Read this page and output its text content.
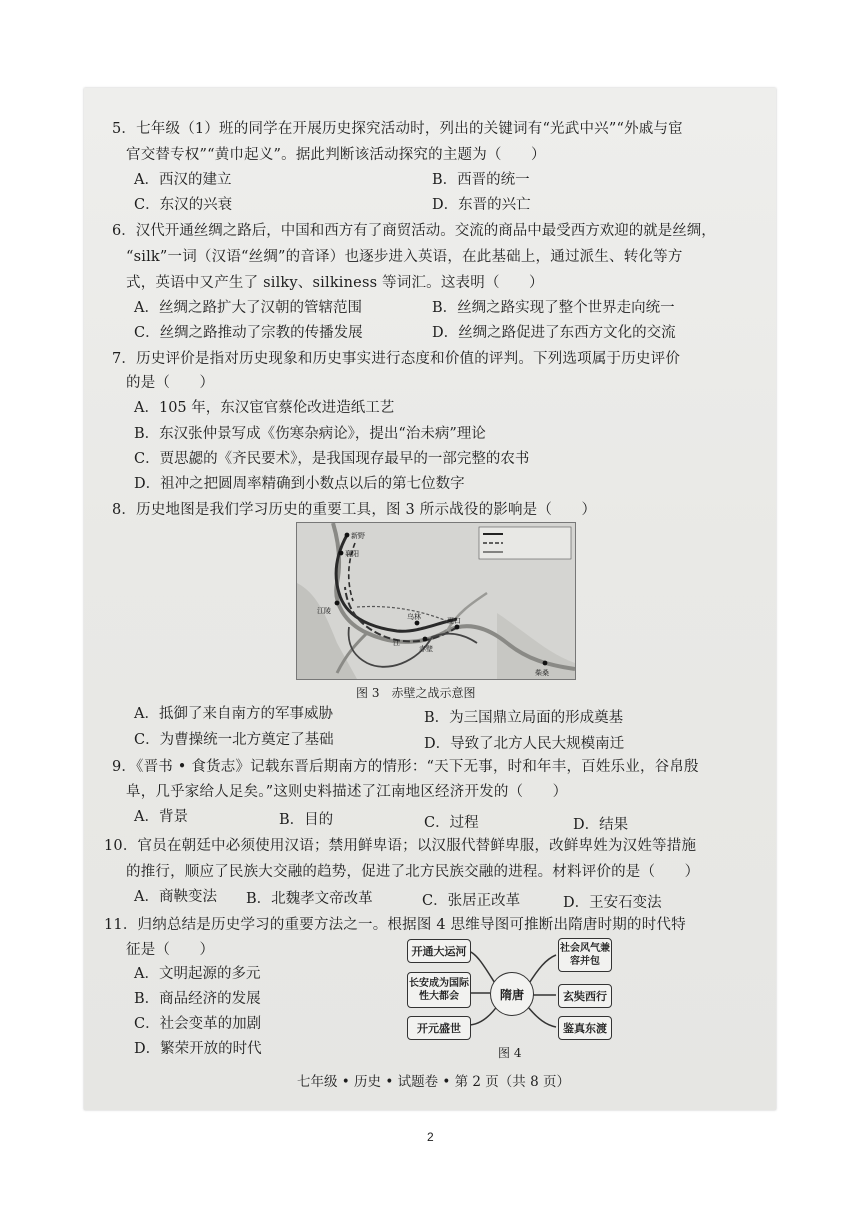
5．七年级（1）班的同学在开展历史探究活动时，列出的关键词有“光武中兴”“外戚与宦
官交替专权”“黄巾起义”。据此判断该活动探究的主题为（　　）
A．西汉的建立	B．西晋的统一
C．东汉的兴衰	D．东晋的兴亡
6．汉代开通丝绸之路后，中国和西方有了商贸活动。交流的商品中最受西方欢迎的就是丝绸，
“silk”一词（汉语“丝绸”的音译）也逐步进入英语，在此基础上，通过派生、转化等方
式，英语中又产生了 silky、silkiness 等词汇。这表明（　　）
A．丝绸之路扩大了汉朝的管辖范围	B．丝绸之路实现了整个世界走向统一
C．丝绸之路推动了宗教的传播发展	D．丝绸之路促进了东西方文化的交流
7．历史评价是指对历史现象和历史事实进行态度和价值的评判。下列选项属于历史评价
的是（　　）
A．105 年，东汉宦官蔡伦改进造纸工艺
B．东汉张仲景写成《伤寒杂病论》，提出“治未病”理论
C．贾思勰的《齐民要术》，是我国现存最早的一部完整的农书
D．祖冲之把圆周率精确到小数点以后的第七位数字
8．历史地图是我们学习历史的重要工具，图 3 所示战役的影响是（　　）
新野
襄阳
江陵
乌林
赤壁
夏口
江
柴桑
图 3　赤壁之战示意图
A．抵御了来自南方的军事威胁	B．为三国鼎立局面的形成奠基
C．为曹操统一北方奠定了基础	D．导致了北方人民大规模南迁
9．《晋书 • 食货志》记载东晋后期南方的情形：“天下无事，时和年丰，百姓乐业，谷帛殷
阜，几乎家给人足矣。”这则史料描述了江南地区经济开发的（　　）
A．背景	B．目的	C．过程	D．结果
10．官员在朝廷中必须使用汉语；禁用鲜卑语；以汉服代替鲜卑服，改鲜卑姓为汉姓等措施
的推行，顺应了民族大交融的趋势，促进了北方民族交融的进程。材料评价的是（　　）
A．商鞅变法 B．北魏孝文帝改革	C．张居正改革	D．王安石变法
11．归纳总结是历史学习的重要方法之一。根据图 4 思维导图可推断出隋唐时期的时代特
征是（　　）
A．文明起源的多元
B．商品经济的发展
C．社会变革的加剧
D．繁荣开放的时代
开通大运河
长安成为国际性大都会
开元盛世
隋唐
社会风气兼容并包
玄奘西行
鉴真东渡
图 4
七年级 • 历史 • 试题卷 • 第 2 页（共 8 页）
2
